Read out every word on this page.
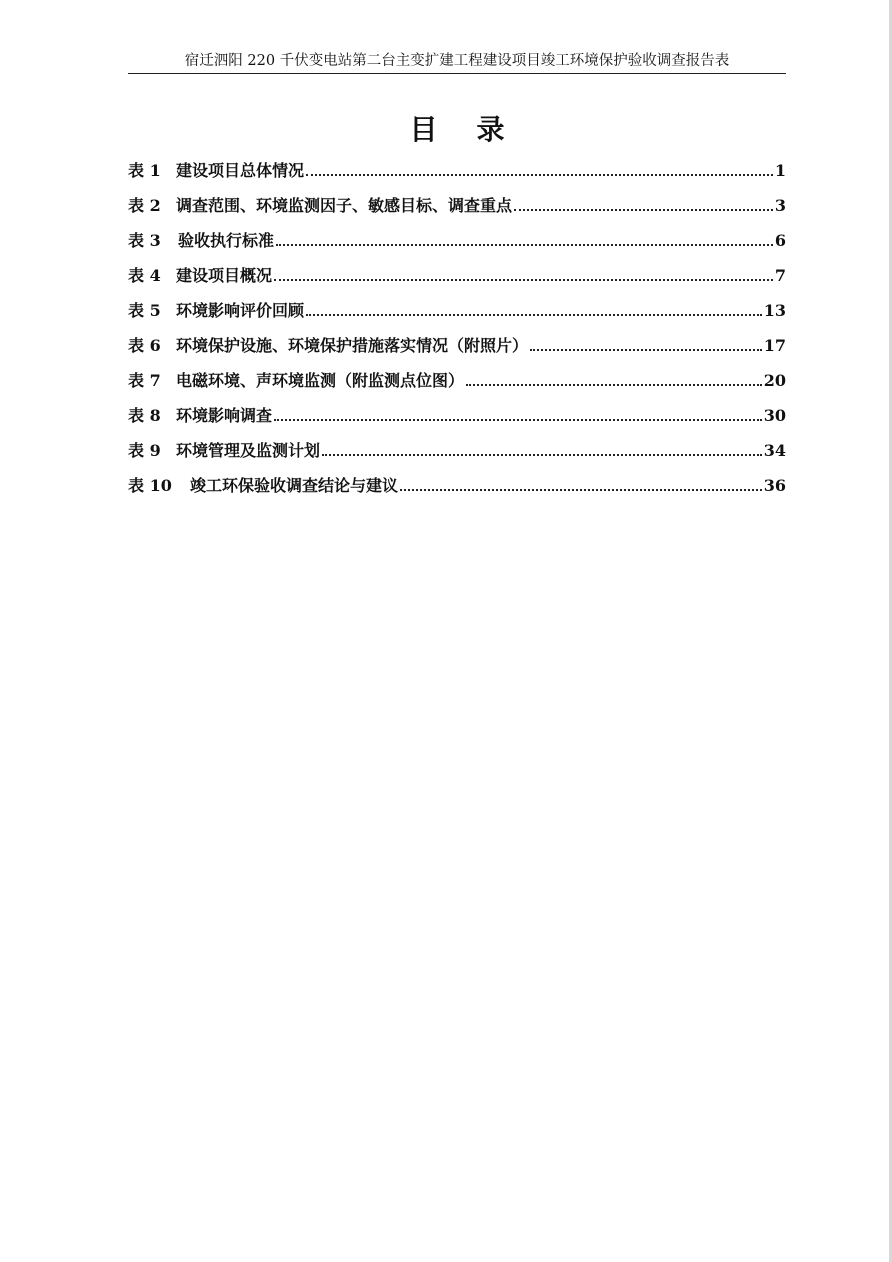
宿迁泗阳 220 千伏变电站第二台主变扩建工程建设项目竣工环境保护验收调查报告表
目    录
表 1 建设项目总体情况	1
表 2 调查范围、环境监测因子、敏感目标、调查重点	3
表 3	验收执行标准	6
表 4 建设项目概况	7
表 5 环境影响评价回顾	13
表 6 环境保护设施、环境保护措施落实情况（附照片）	17
表 7 电磁环境、声环境监测（附监测点位图）	20
表 8 环境影响调查	30
表 9 环境管理及监测计划	34
表 10	竣工环保验收调查结论与建议	36
